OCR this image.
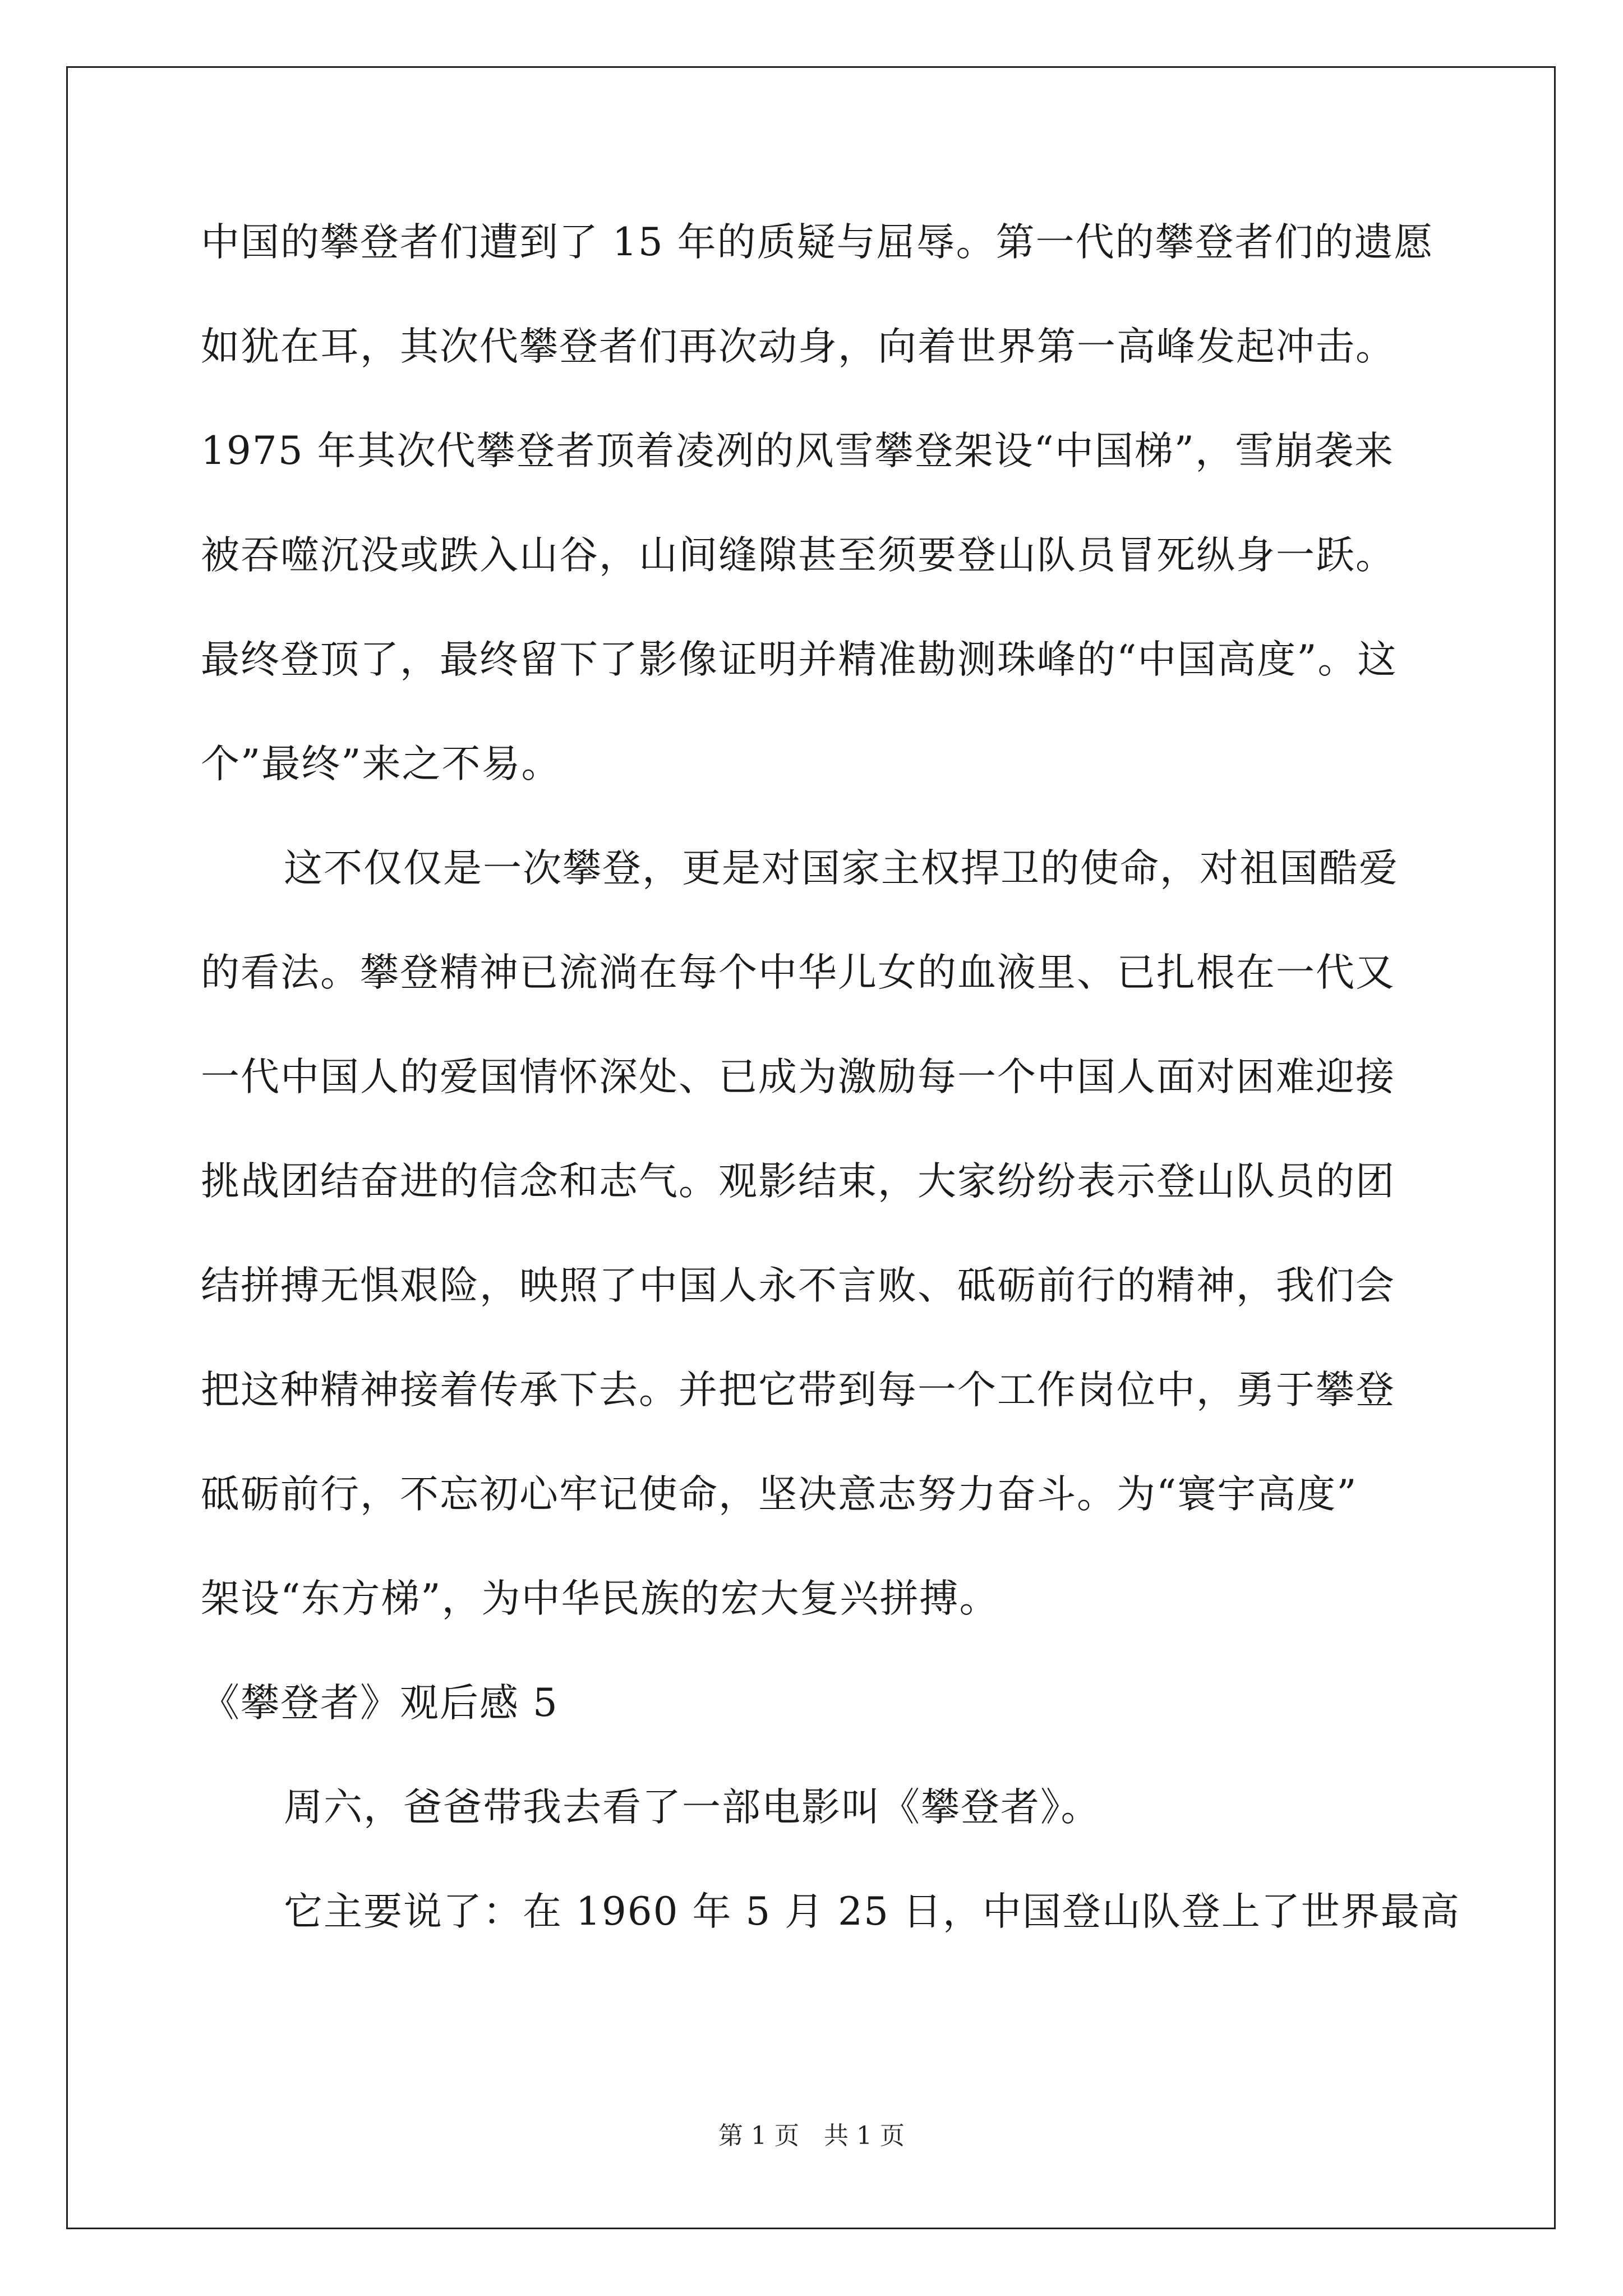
中国的攀登者们遭到了 15 年的质疑与屈辱。第一代的攀登者们的遗愿
如犹在耳，其次代攀登者们再次动身，向着世界第一高峰发起冲击。
1975 年其次代攀登者顶着凌冽的风雪攀登架设“中国梯”，雪崩袭来
被吞噬沉没或跌入山谷，山间缝隙甚至须要登山队员冒死纵身一跃。
最终登顶了，最终留下了影像证明并精准勘测珠峰的“中国高度”。这
个”最终”来之不易。
这不仅仅是一次攀登，更是对国家主权捍卫的使命，对祖国酷爱
的看法。攀登精神已流淌在每个中华儿女的血液里、已扎根在一代又
一代中国人的爱国情怀深处、已成为激励每一个中国人面对困难迎接
挑战团结奋进的信念和志气。观影结束，大家纷纷表示登山队员的团
结拼搏无惧艰险，映照了中国人永不言败、砥砺前行的精神，我们会
把这种精神接着传承下去。并把它带到每一个工作岗位中，勇于攀登
砥砺前行，不忘初心牢记使命，坚决意志努力奋斗。为“寰宇高度”
架设“东方梯”，为中华民族的宏大复兴拼搏。
《攀登者》观后感 5
周六，爸爸带我去看了一部电影叫《攀登者》。
它主要说了：在 1960 年 5 月 25 日，中国登山队登上了世界最高
第 1 页　共 1 页
